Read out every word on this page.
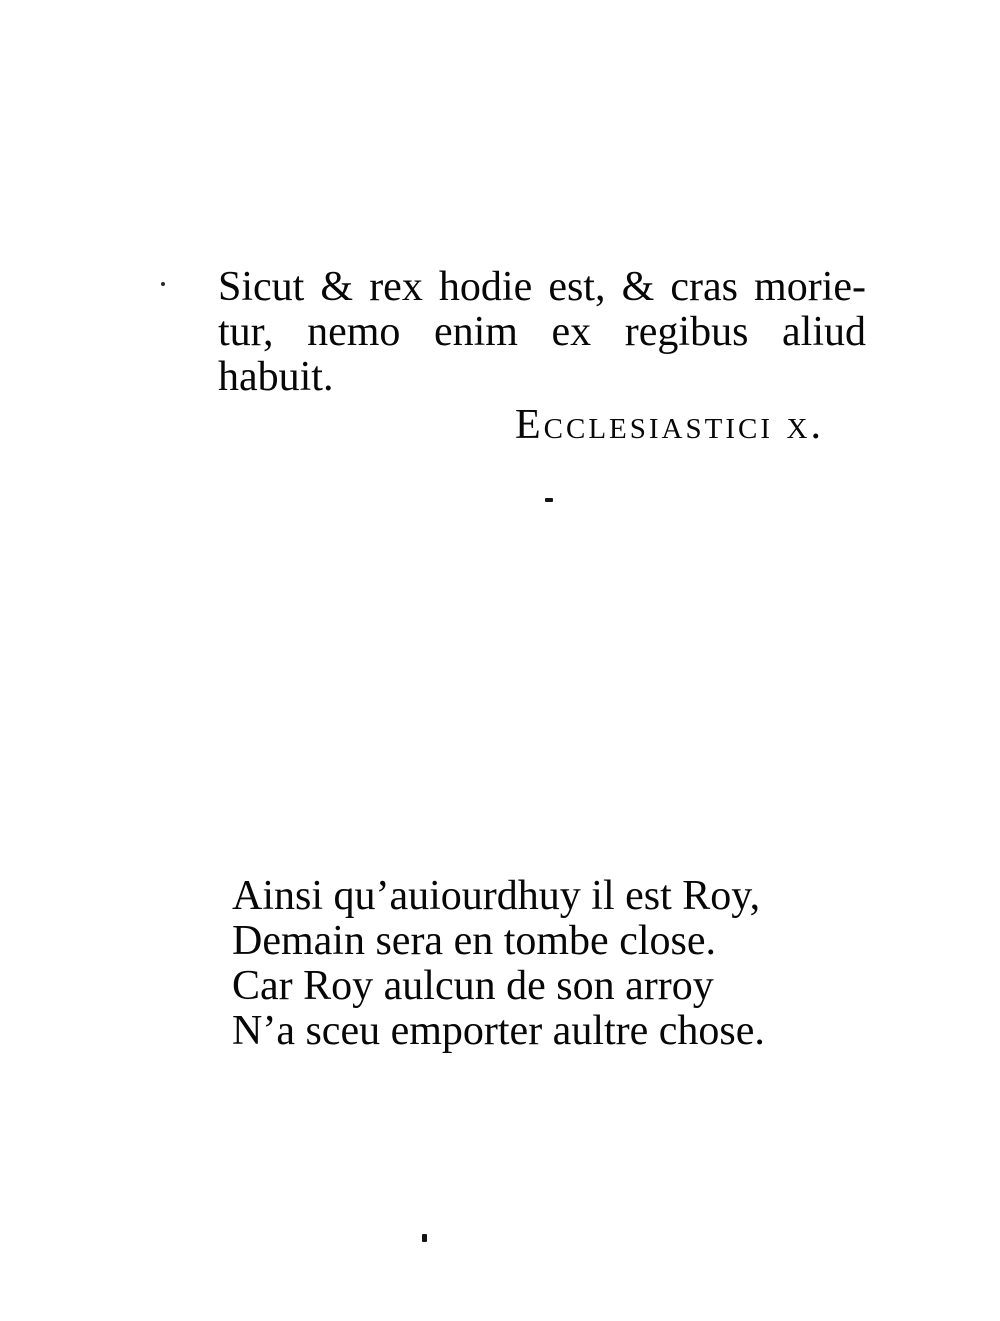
Sicut & rex hodie est, & cras morie-
tur, nemo enim ex regibus aliud
habuit.
Ecclesiastici x.
Ainsi qu’auiourdhuy il est Roy,
Demain sera en tombe close.
Car Roy aulcun de son arroy
N’a sceu emporter aultre chose.
